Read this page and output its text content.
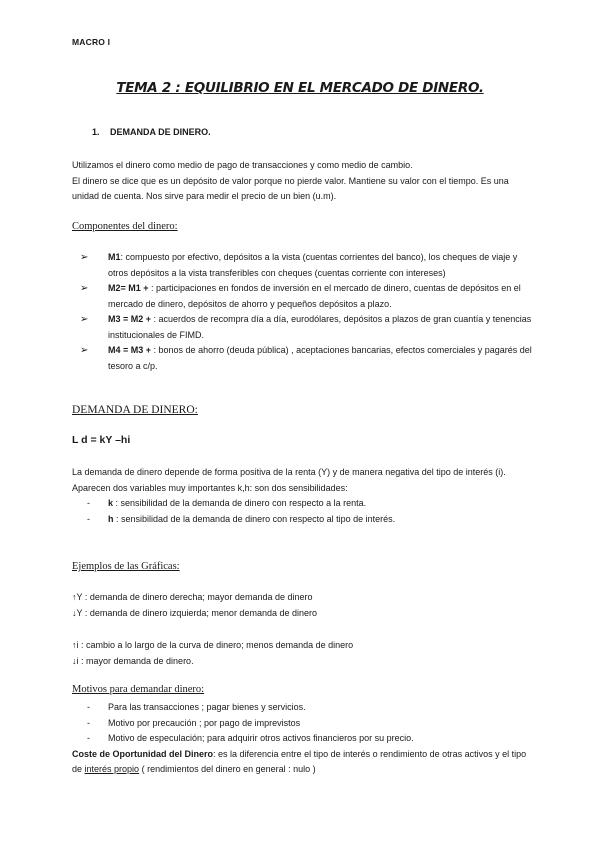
MACRO I
TEMA 2 : EQUILIBRIO EN EL MERCADO DE DINERO.
1. DEMANDA DE DINERO.
Utilizamos el dinero como medio de pago de transacciones y como medio de cambio.
El dinero se dice que es un depósito de valor porque no pierde valor. Mantiene su valor con el tiempo. Es una unidad de cuenta. Nos sirve para medir el precio de un bien (u.m).
Componentes del dinero:
➢ M1: compuesto por efectivo, depósitos a la vista (cuentas corrientes del banco), los cheques de viaje y otros depósitos a la vista transferibles con cheques (cuentas corriente con intereses)
➢ M2= M1 + : participaciones en fondos de inversión en el mercado de dinero, cuentas de depósitos en el mercado de dinero, depósitos de ahorro y pequeños depósitos a plazo.
➢ M3 = M2 + : acuerdos de recompra día a día, eurodólares, depósitos a plazos de gran cuantía y tenencias institucionales de FIMD.
➢ M4 = M3 + : bonos de ahorro (deuda pública) , aceptaciones bancarias, efectos comerciales y pagarés del tesoro a c/p.
DEMANDA DE DINERO:
L d = kY –hi
La demanda de dinero depende de forma positiva de la renta (Y) y de manera negativa del tipo de interés (i).
Aparecen dos variables muy importantes k,h: son dos sensibilidades:
- k : sensibilidad de la demanda de dinero con respecto a la renta.
- h : sensibilidad de la demanda de dinero con respecto al tipo de interés.
Ejemplos de las Gráficas:
↑Y : demanda de dinero derecha; mayor demanda de dinero
↓Y : demanda de dinero izquierda; menor demanda de dinero
↑i : cambio a lo largo de la curva de dinero; menos demanda de dinero
↓i : mayor demanda de dinero.
Motivos para demandar dinero:
- Para las transacciones ; pagar bienes y servicios.
- Motivo por precaución ; por pago de imprevistos
- Motivo de especulación; para adquirir otros activos financieros por su precio.
Coste de Oportunidad del Dinero: es la diferencia entre el tipo de interés o rendimiento de otras activos y el tipo de interés propio ( rendimientos del dinero en general : nulo )
